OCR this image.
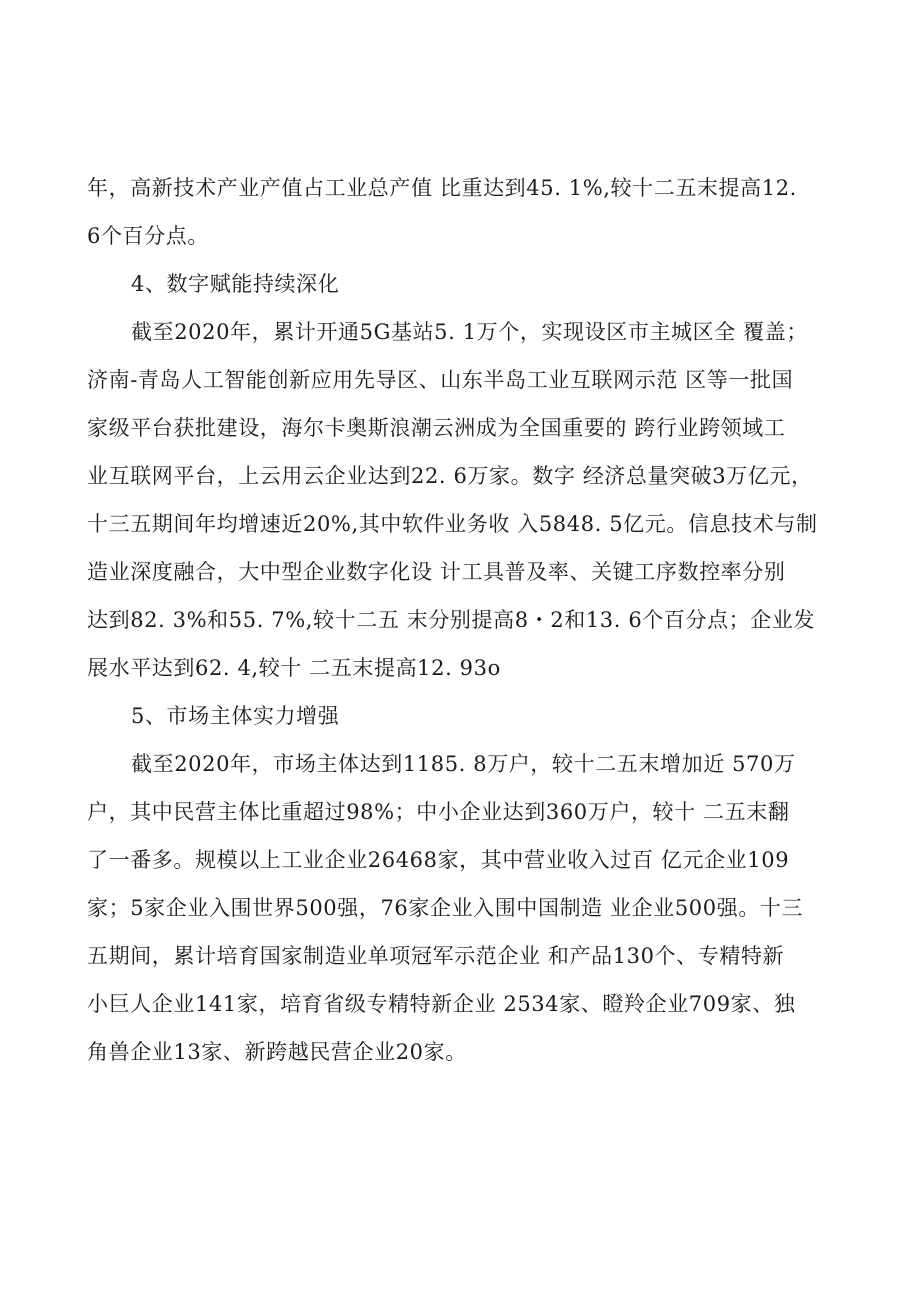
年，高新技术产业产值占工业总产值 比重达到45. 1%,较十二五末提高12.
6个百分点。
4、数字赋能持续深化
截至2020年，累计开通5G基站5. 1万个，实现设区市主城区全 覆盖；
济南-青岛人工智能创新应用先导区、山东半岛工业互联网示范 区等一批国
家级平台获批建设，海尔卡奥斯浪潮云洲成为全国重要的 跨行业跨领域工
业互联网平台，上云用云企业达到22. 6万家。数字 经济总量突破3万亿元，
十三五期间年均增速近20%,其中软件业务收 入5848. 5亿元。信息技术与制
造业深度融合，大中型企业数字化设 计工具普及率、关键工序数控率分别
达到82. 3%和55. 7%,较十二五 末分别提高8・2和13. 6个百分点；企业发
展水平达到62. 4,较十 二五末提高12. 93o
5、市场主体实力增强
截至2020年，市场主体达到1185. 8万户，较十二五末增加近 570万
户，其中民营主体比重超过98%；中小企业达到360万户，较十 二五末翻
了一番多。规模以上工业企业26468家，其中营业收入过百 亿元企业109
家；5家企业入围世界500强，76家企业入围中国制造 业企业500强。十三
五期间，累计培育国家制造业单项冠军示范企业 和产品130个、专精特新
小巨人企业141家，培育省级专精特新企业 2534家、瞪羚企业709家、独
角兽企业13家、新跨越民营企业20家。
